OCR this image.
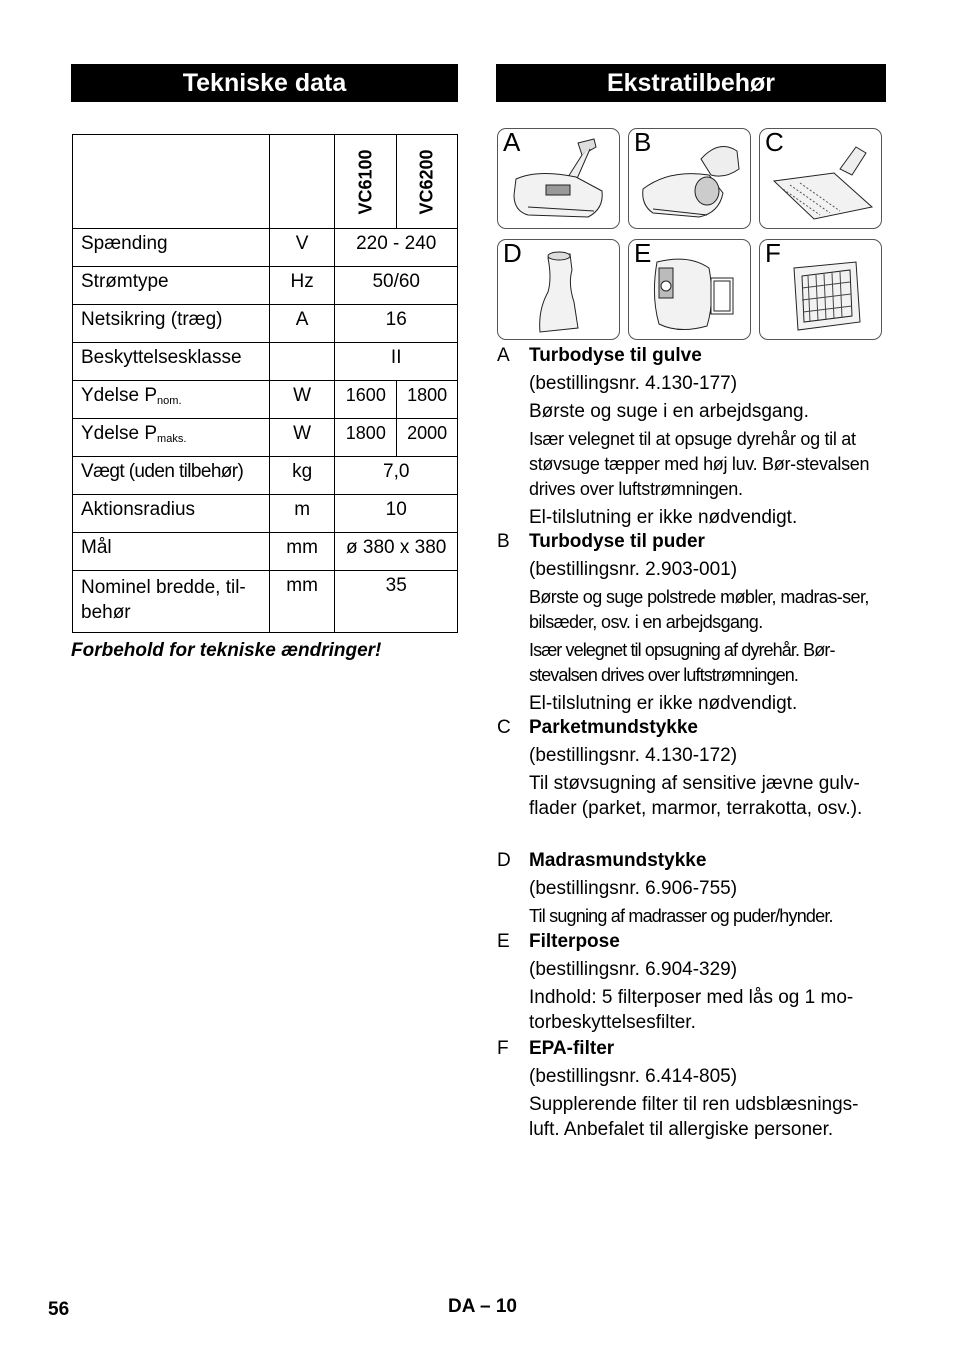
Tekniske data	Ekstratilbehør

		VC6100	VC6200

Spænding	V	220 - 240	
Strømtype	Hz	50/60	
Netsikring (træg)	A	16	
Beskyttelsesklasse		II	
Ydelse $P_{nom.}$	W	1600	1800
Ydelse $P_{maks.}$	W	1800	2000
Vægt (uden tilbehør)	kg	7,0	
Aktionsradius	m	10	
Mål	mm	ø 380 x 380	
Nominel bredde, til-
behør	mm	35	
Forbehold for tekniske ændringer!
A	B	C
D	E	F
A Turbodyse til gulve

(bestillingsnr. 4.130-177)

Børste og suge i en arbejdsgang.

Især velegnet til at opsuge dyrehår og til at støvsuge tæpper med høj luv. Bør-stevalsen drives over luftstrømningen.

El-tilslutning er ikke nødvendigt.

B Turbodyse til puder

(bestillingsnr. 2.903-001)

Børste og suge polstrede møbler, madras-ser, bilsæder, osv. i en arbejdsgang.

Især velegnet til opsugning af dyrehår. Bør-stevalsen drives over luftstrømningen.

El-tilslutning er ikke nødvendigt.

C Parketmundstykke

(bestillingsnr. 4.130-172)

Til støvsugning af sensitive jævne gulv-flader (parket, marmor, terrakotta, osv.).

D Madrasmundstykke

(bestillingsnr. 6.906-755)

Til sugning af madrasser og puder/hynder.

E Filterpose

(bestillingsnr. 6.904-329)

Indhold: 5 filterposer med lås og 1 mo-torbeskyttelsesfilter.

F EPA-filter

(bestillingsnr. 6.414-805)

Supplerende filter til ren udsblæsnings-luft. Anbefalet til allergiske personer.

56	DA – 10
